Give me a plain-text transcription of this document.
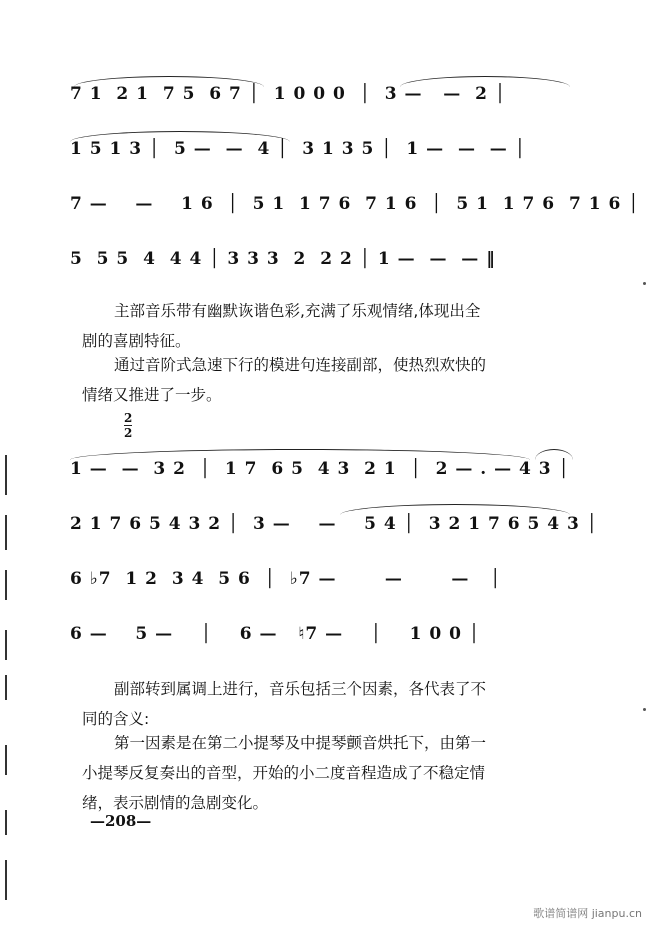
7 1  2 1  7 5  6 7 │  1 0 0 0  │  3 —   —  2 │

1 5 1 3 │  5 —  —  4 │  3 1 3 5 │  1 —  —  — │

7 —    —    1 6  │  5 1  1 7 6  7 1 6  │  5 1  1 7 6  7 1 6 │

5  5 5  4  4 4 │ 3 3 3  2  2 2 │ 1 —  —  — ‖

主部音乐带有幽默诙谐色彩,充满了乐观情绪,体现出全
剧的喜剧特征。
通过音阶式急速下行的模进句连接副部，使热烈欢快的
情绪又推进了一步。
2
2

1 —  —  3 2  │  1 7  6 5  4 3  2 1  │  2 — . — 4 3 │

2 1 7 6 5 4 3 2 │  3 —    —    5 4 │  3 2 1 7 6 5 4 3 │

6 ♭7  1 2  3 4  5 6  │  ♭7 —       —       —   │

6 —    5 —    │    6 —   ♮7 —    │    1 0 0 │

副部转到属调上进行，音乐包括三个因素，各代表了不
同的含义:
第一因素是在第二小提琴及中提琴颤音烘托下，由第一
小提琴反复奏出的音型，开始的小二度音程造成了不稳定情
绪，表示剧情的急剧变化。
—208—
歌谱简谱网 jianpu.cn
